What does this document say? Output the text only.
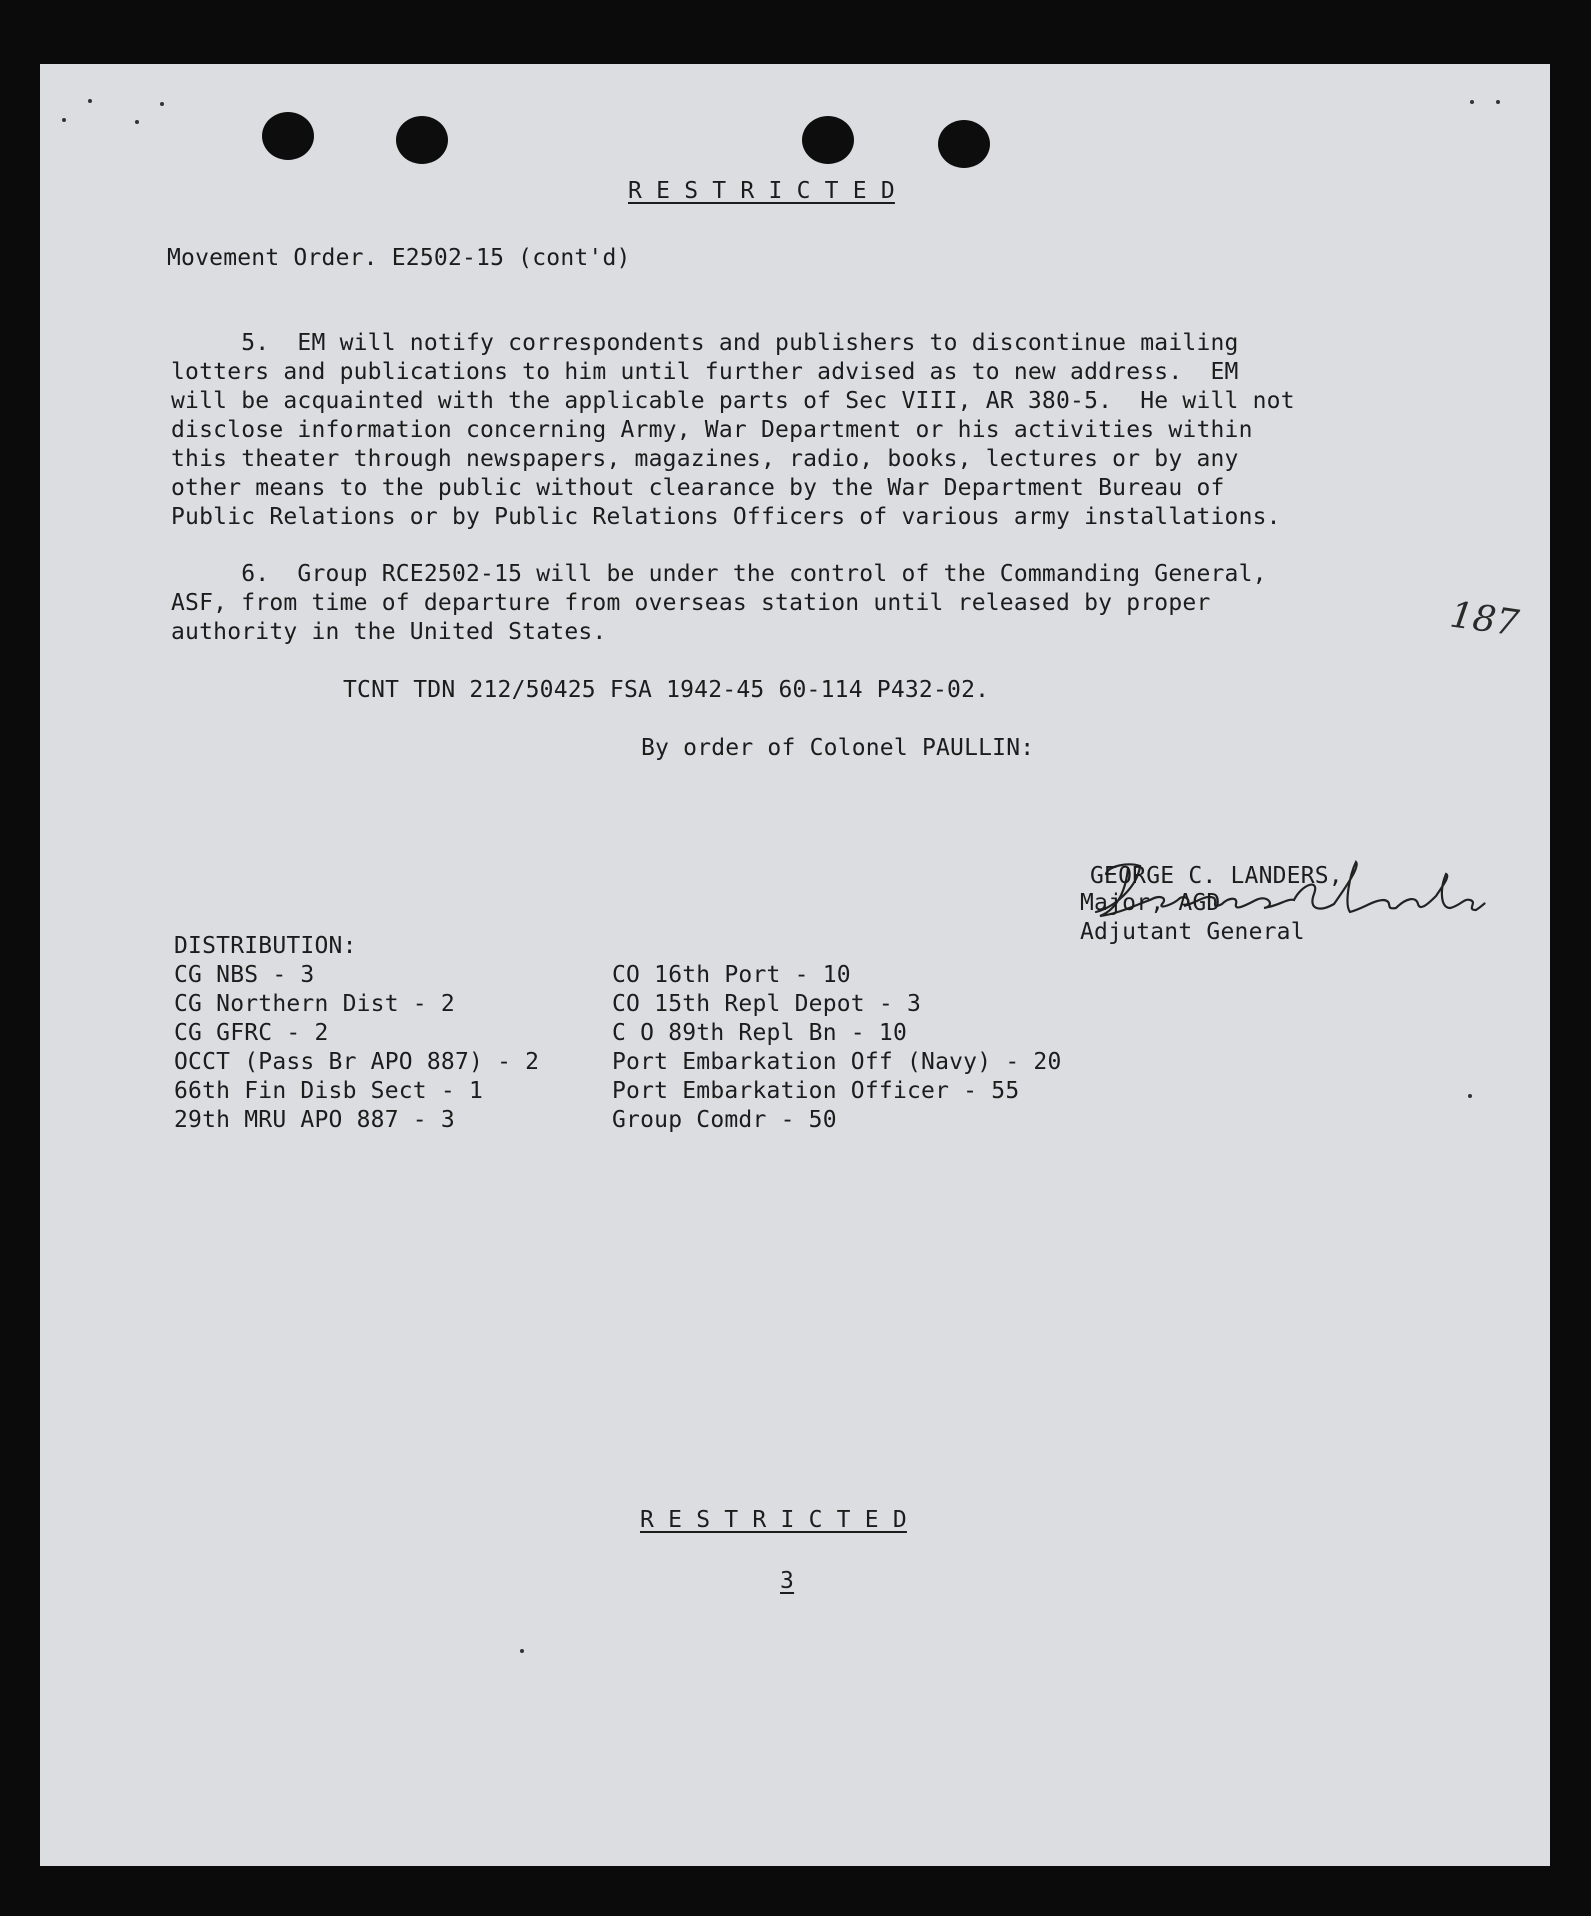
R E S T R I C T E D

Movement Order. E2502-15 (cont'd)

5.  EM will notify correspondents and publishers to discontinue mailing

lotters and publications to him until further advised as to new address.  EM

will be acquainted with the applicable parts of Sec VIII, AR 380-5.  He will not

disclose information concerning Army, War Department or his activities within

this theater through newspapers, magazines, radio, books, lectures or by any

other means to the public without clearance by the War Department Bureau of

Public Relations or by Public Relations Officers of various army installations.

187

6.  Group RCE2502-15 will be under the control of the Commanding General,

ASF, from time of departure from overseas station until released by proper

authority in the United States.

TCNT TDN 212/50425 FSA 1942-45 60-114 P432-02.

By order of Colonel PAULLIN:

GEORGE C. LANDERS,

Major, AGD

Adjutant General

DISTRIBUTION:

CG NBS - 3

CG Northern Dist - 2

CG GFRC - 2

OCCT (Pass Br APO 887) - 2

66th Fin Disb Sect - 1

29th MRU APO 887 - 3

CO 16th Port - 10

CO 15th Repl Depot - 3

C O 89th Repl Bn - 10

Port Embarkation Off (Navy) - 20

Port Embarkation Officer - 55

Group Comdr - 50

R E S T R I C T E D

3
